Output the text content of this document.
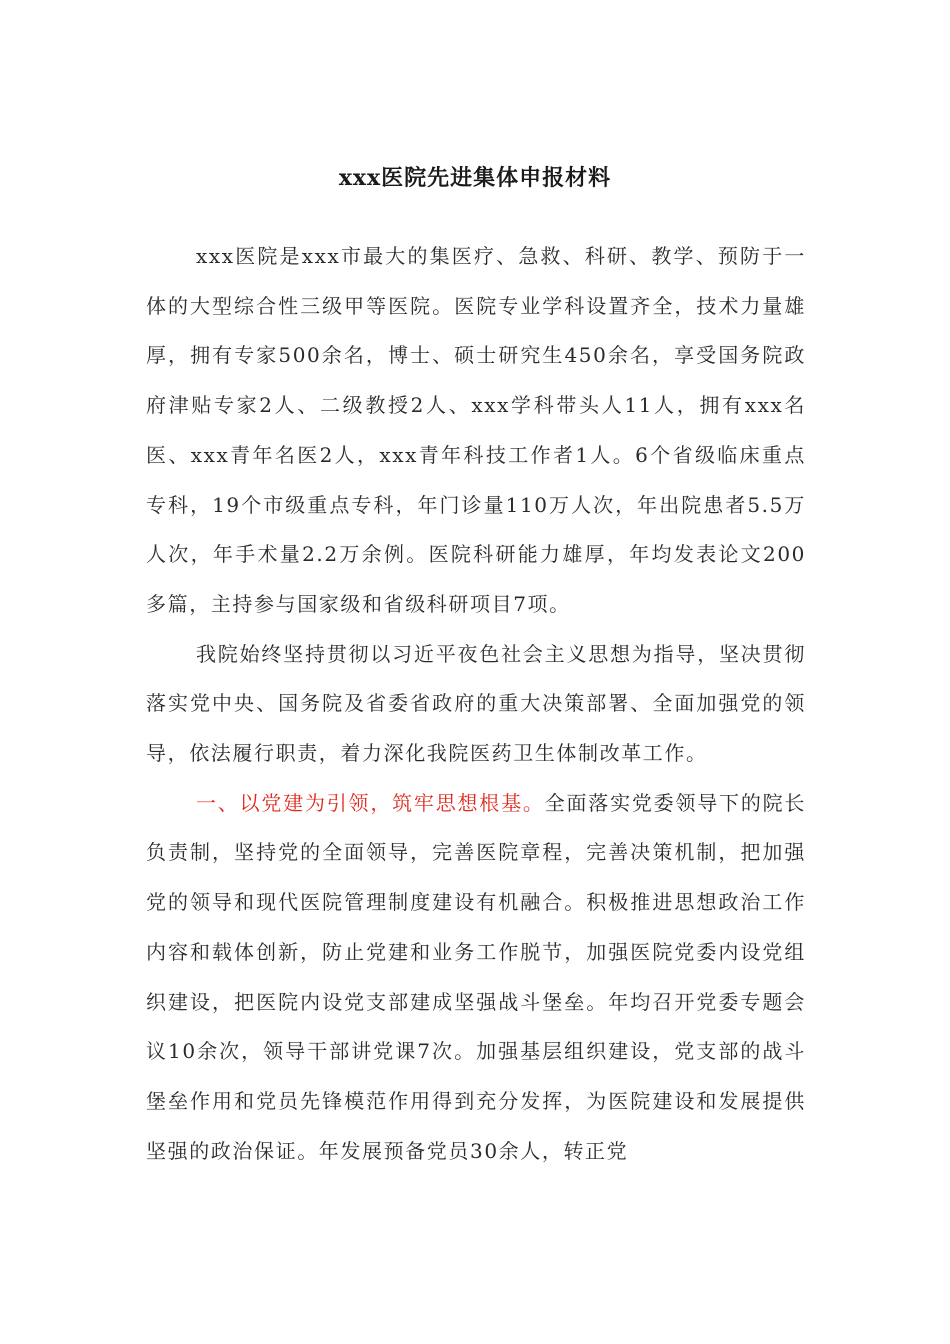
xxx医院先进集体申报材料

xxx医院是xxx市最大的集医疗、急救、科研、教学、预防于一体的大型综合性三级甲等医院。医院专业学科设置齐全，技术力量雄厚，拥有专家500余名，博士、硕士研究生450余名，享受国务院政府津贴专家2人、二级教授2人、xxx学科带头人11人，拥有xxx名医、xxx青年名医2人，xxx青年科技工作者1人。6个省级临床重点专科，19个市级重点专科，年门诊量110万人次，年出院患者5.5万人次，年手术量2.2万余例。医院科研能力雄厚，年均发表论文200多篇，主持参与国家级和省级科研项目7项。

我院始终坚持贯彻以习近平夜色社会主义思想为指导，坚决贯彻落实党中央、国务院及省委省政府的重大决策部署、全面加强党的领导，依法履行职责，着力深化我院医药卫生体制改革工作。

一、以党建为引领，筑牢思想根基。全面落实党委领导下的院长负责制，坚持党的全面领导，完善医院章程，完善决策机制，把加强党的领导和现代医院管理制度建设有机融合。积极推进思想政治工作内容和载体创新，防止党建和业务工作脱节，加强医院党委内设党组织建设，把医院内设党支部建成坚强战斗堡垒。年均召开党委专题会议10余次，领导干部讲党课7次。加强基层组织建设，党支部的战斗堡垒作用和党员先锋模范作用得到充分发挥，为医院建设和发展提供坚强的政治保证。年发展预备党员30余人，转正党
